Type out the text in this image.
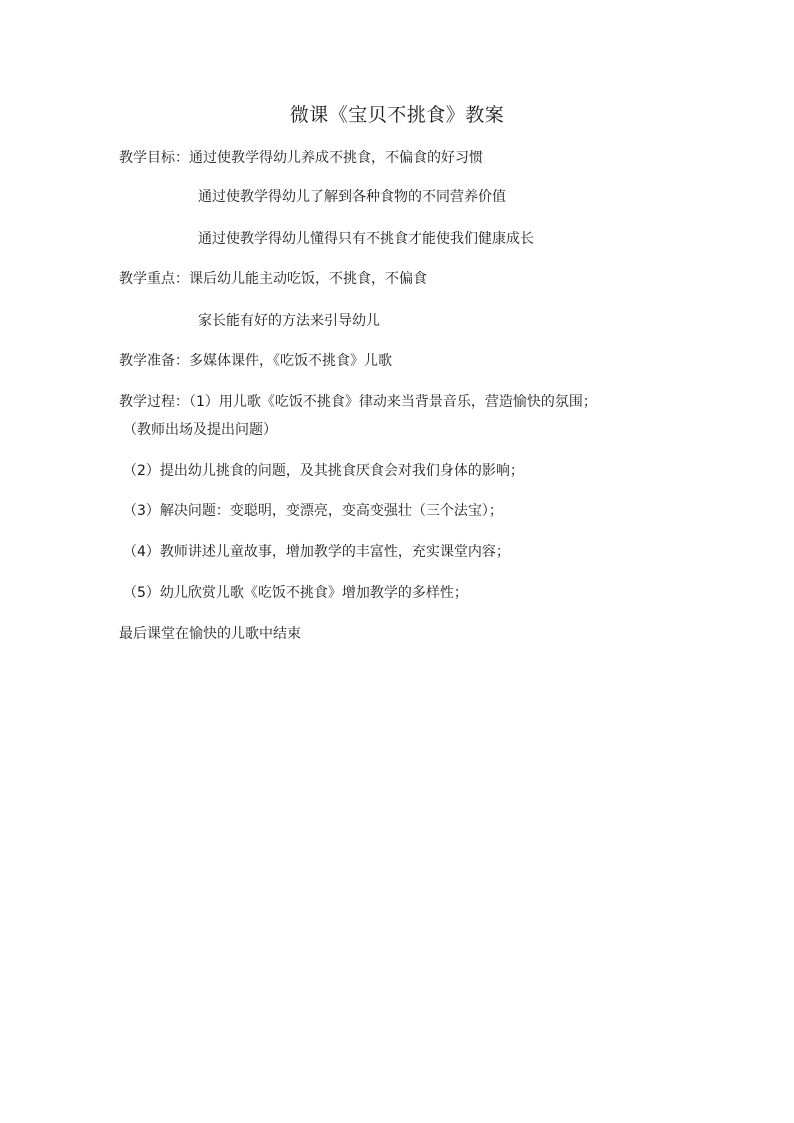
微课《宝贝不挑食》教案
教学目标：通过使教学得幼儿养成不挑食，不偏食的好习惯
通过使教学得幼儿了解到各种食物的不同营养价值
通过使教学得幼儿懂得只有不挑食才能使我们健康成长
教学重点：课后幼儿能主动吃饭，不挑食，不偏食
家长能有好的方法来引导幼儿
教学准备：多媒体课件，《吃饭不挑食》儿歌
教学过程：（1）用儿歌《吃饭不挑食》律动来当背景音乐，营造愉快的氛围；
（教师出场及提出问题）
（2）提出幼儿挑食的问题，及其挑食厌食会对我们身体的影响；
（3）解决问题：变聪明，变漂亮，变高变强壮（三个法宝）；
（4）教师讲述儿童故事，增加教学的丰富性，充实课堂内容；
（5）幼儿欣赏儿歌《吃饭不挑食》增加教学的多样性；
最后课堂在愉快的儿歌中结束
